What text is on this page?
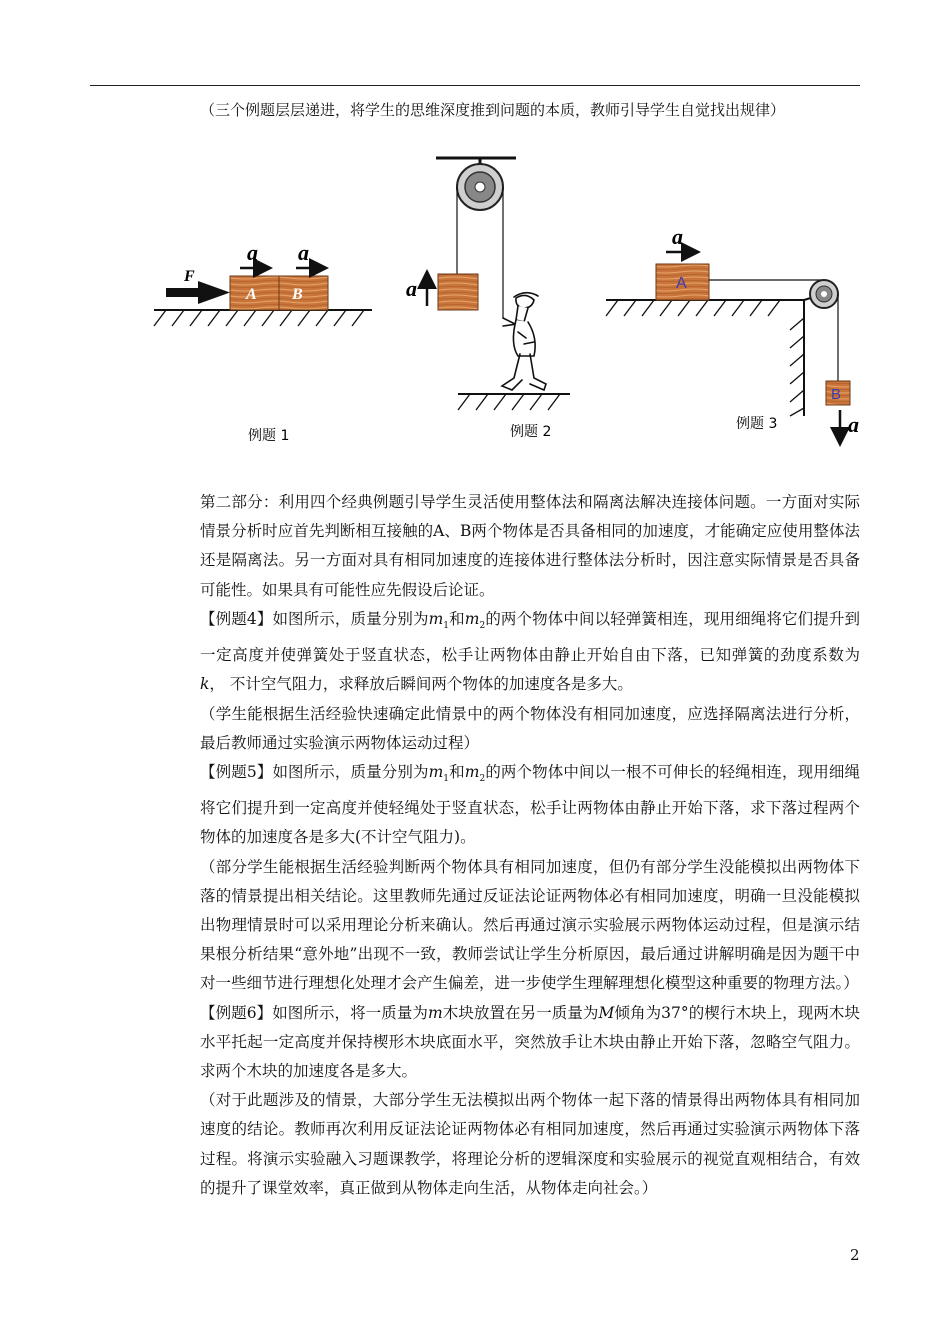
（三个例题层层递进，将学生的思维深度推到问题的本质，教师引导学生自觉找出规律）
A B
F
a a
例题 1
a
例题 2
A
B
a
a
例题 3

第二部分：利用四个经典例题引导学生灵活使用整体法和隔离法解决连接体问题。一方面对实际情景分析时应首先判断相互接触的A、B两个物体是否具备相同的加速度，才能确定应使用整体法还是隔离法。另一方面对具有相同加速度的连接体进行整体法分析时，因注意实际情景是否具备可能性。如果具有可能性应先假设后论证。

【例题4】如图所示，质量分别为$m_1$和$m_2$的两个物体中间以轻弹簧相连，现用细绳将它们提升到一定高度并使弹簧处于竖直状态，松手让两物体由静止开始自由下落，已知弹簧的劲度系数为k， 不计空气阻力，求释放后瞬间两个物体的加速度各是多大。

（学生能根据生活经验快速确定此情景中的两个物体没有相同加速度，应选择隔离法进行分析，最后教师通过实验演示两物体运动过程）

【例题5】如图所示，质量分别为$m_1$和$m_2$的两个物体中间以一根不可伸长的轻绳相连，现用细绳将它们提升到一定高度并使轻绳处于竖直状态，松手让两物体由静止开始下落，求下落过程两个物体的加速度各是多大(不计空气阻力)。

（部分学生能根据生活经验判断两个物体具有相同加速度，但仍有部分学生没能模拟出两物体下落的情景提出相关结论。这里教师先通过反证法论证两物体必有相同加速度，明确一旦没能模拟出物理情景时可以采用理论分析来确认。然后再通过演示实验展示两物体运动过程，但是演示结果根分析结果“意外地”出现不一致，教师尝试让学生分析原因，最后通过讲解明确是因为题干中对一些细节进行理想化处理才会产生偏差，进一步使学生理解理想化模型这种重要的物理方法。）

【例题6】如图所示，将一质量为m木块放置在另一质量为M倾角为37°的楔行木块上，现两木块水平托起一定高度并保持楔形木块底面水平，突然放手让木块由静止开始下落，忽略空气阻力。求两个木块的加速度各是多大。

（对于此题涉及的情景，大部分学生无法模拟出两个物体一起下落的情景得出两物体具有相同加速度的结论。教师再次利用反证法论证两物体必有相同加速度，然后再通过实验演示两物体下落过程。将演示实验融入习题课教学，将理论分析的逻辑深度和实验展示的视觉直观相结合，有效的提升了课堂效率，真正做到从物体走向生活，从物体走向社会。）

2
